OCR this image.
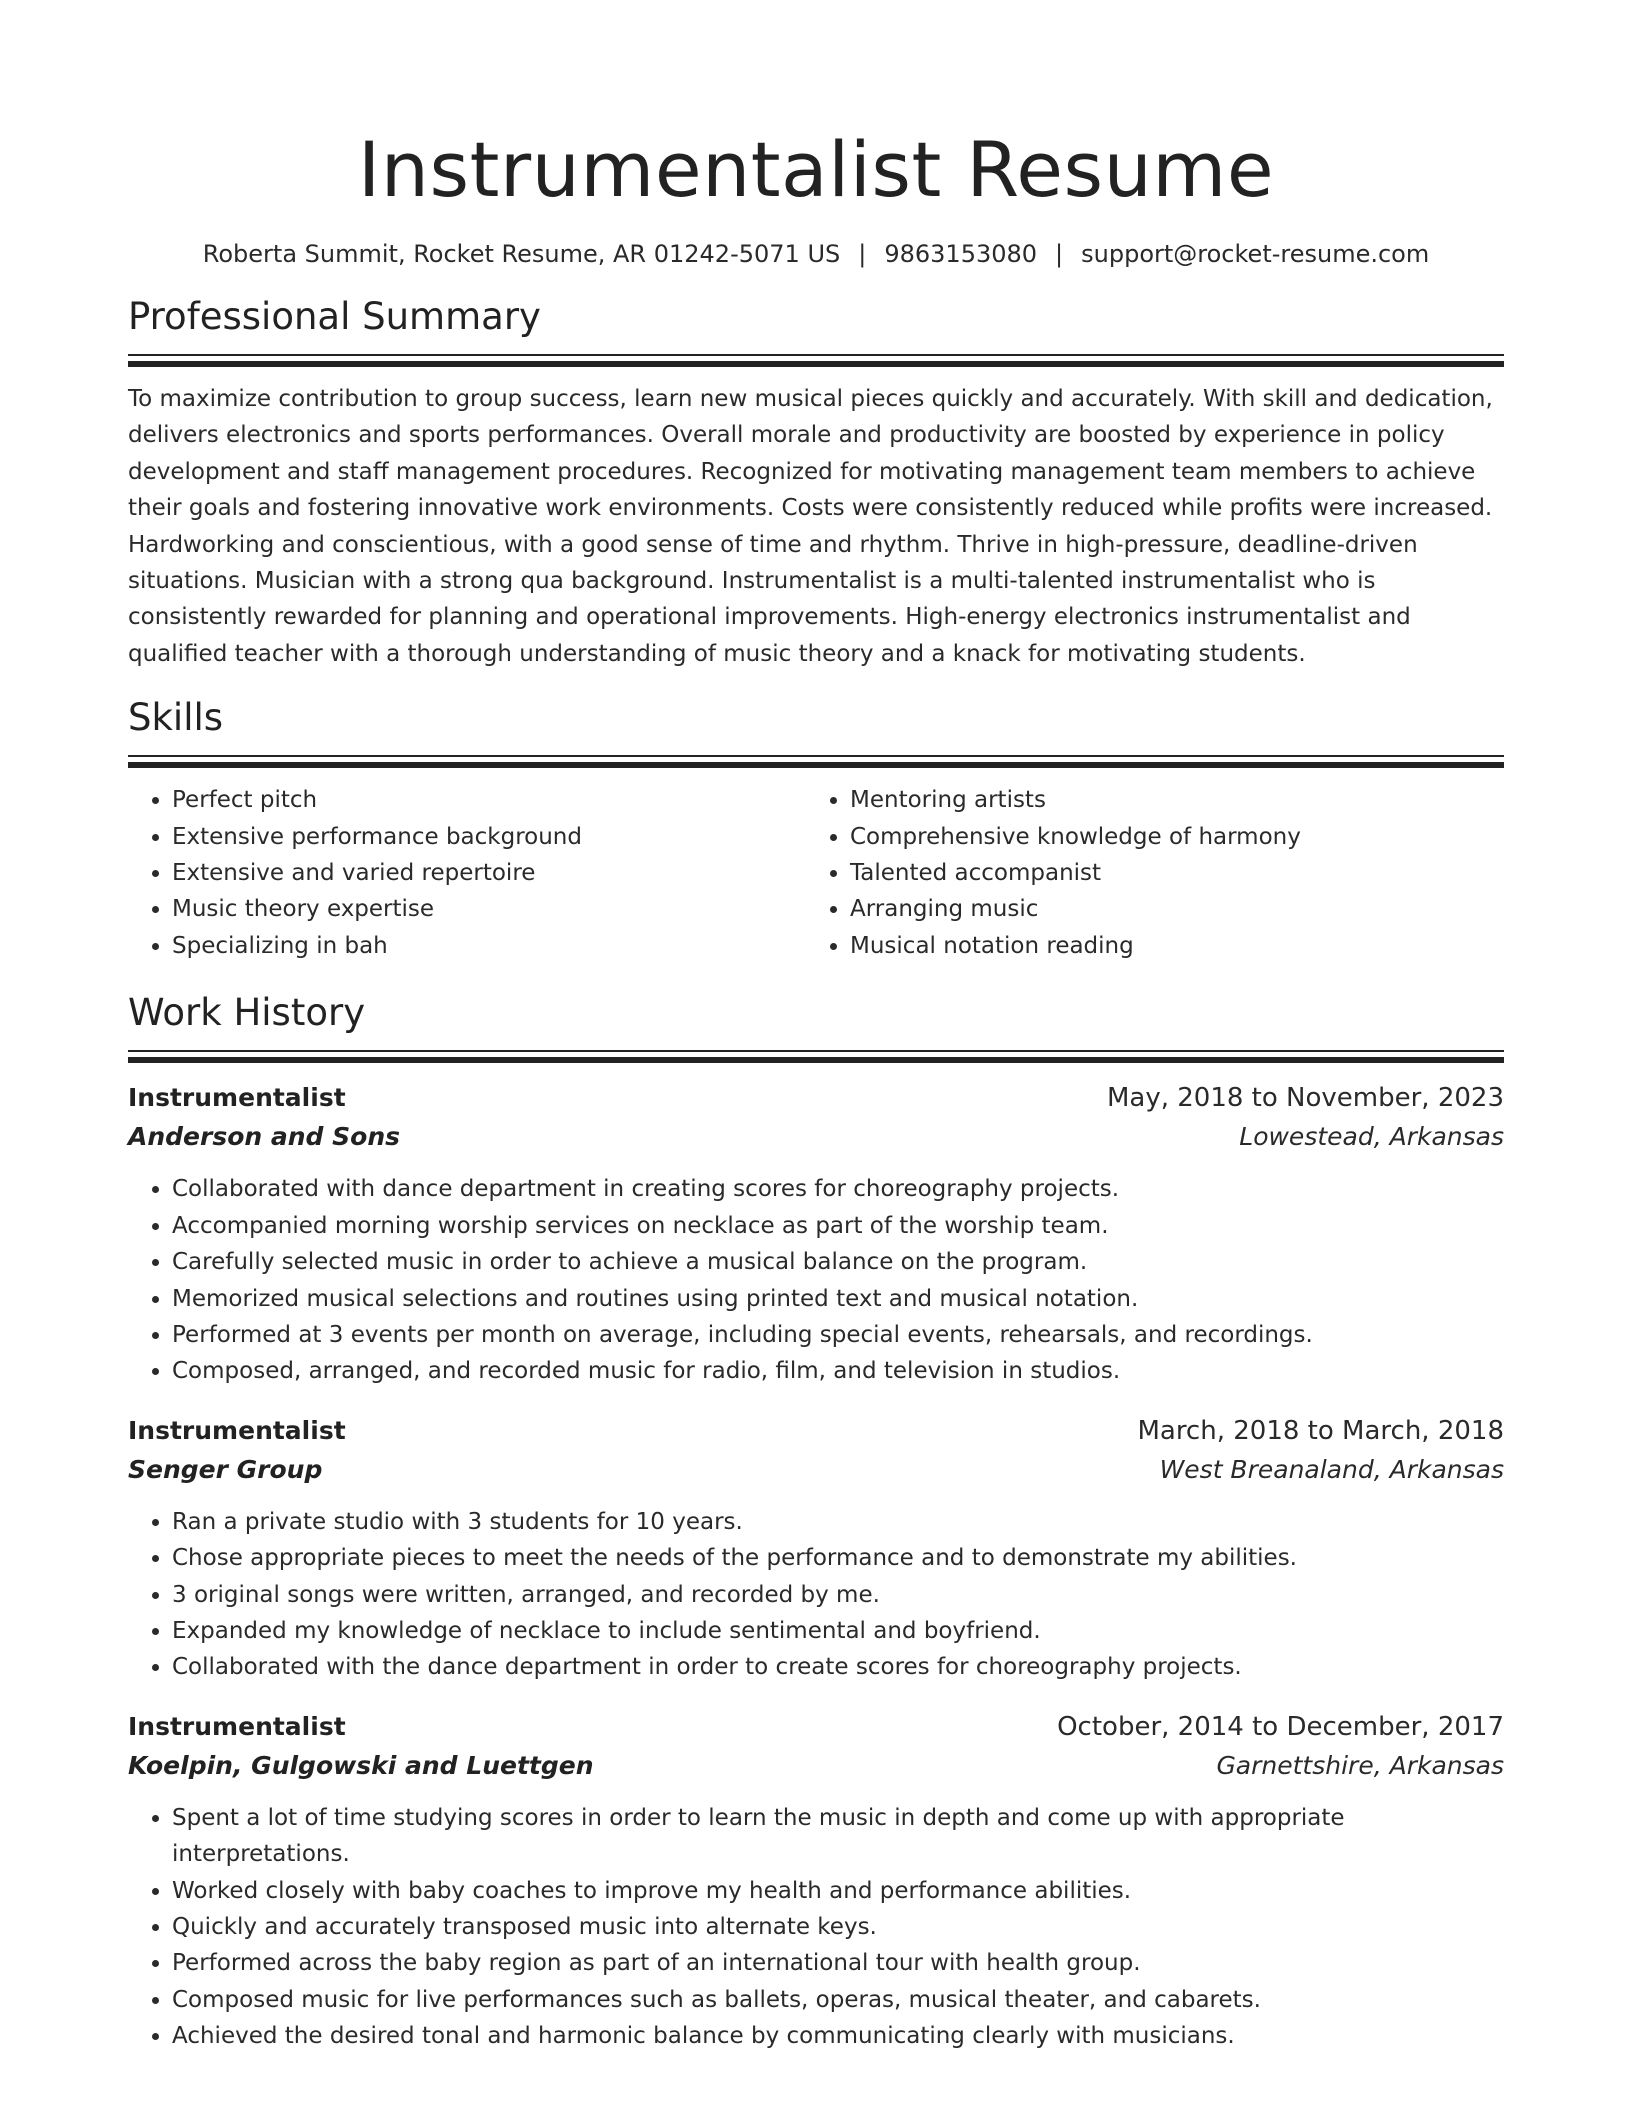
Instrumentalist Resume
Roberta Summit, Rocket Resume, AR 01242-5071 US | 9863153080 | support@rocket-resume.com
Professional Summary

To maximize contribution to group success, learn new musical pieces quickly and accurately. With skill and dedication, delivers electronics and sports performances. Overall morale and productivity are boosted by experience in policy development and staff management procedures. Recognized for motivating management team members to achieve their goals and fostering innovative work environments. Costs were consistently reduced while profits were increased. Hardworking and conscientious, with a good sense of time and rhythm. Thrive in high-pressure, deadline-driven situations. Musician with a strong qua background. Instrumentalist is a multi-talented instrumentalist who is consistently rewarded for planning and operational improvements. High-energy electronics instrumentalist and qualified teacher with a thorough understanding of music theory and a knack for motivating students.

Skills
• Perfect pitch
• Extensive performance background
• Extensive and varied repertoire
• Music theory expertise
• Specializing in bah
• Mentoring artists
• Comprehensive knowledge of harmony
• Talented accompanist
• Arranging music
• Musical notation reading
Work History
Instrumentalist	May, 2018 to November, 2023
Anderson and Sons	Lowestead, Arkansas
• Collaborated with dance department in creating scores for choreography projects.
• Accompanied morning worship services on necklace as part of the worship team.
• Carefully selected music in order to achieve a musical balance on the program.
• Memorized musical selections and routines using printed text and musical notation.
• Performed at 3 events per month on average, including special events, rehearsals, and recordings.
• Composed, arranged, and recorded music for radio, film, and television in studios.
Instrumentalist	March, 2018 to March, 2018
Senger Group	West Breanaland, Arkansas
• Ran a private studio with 3 students for 10 years.
• Chose appropriate pieces to meet the needs of the performance and to demonstrate my abilities.
• 3 original songs were written, arranged, and recorded by me.
• Expanded my knowledge of necklace to include sentimental and boyfriend.
• Collaborated with the dance department in order to create scores for choreography projects.
Instrumentalist	October, 2014 to December, 2017
Koelpin, Gulgowski and Luettgen	Garnettshire, Arkansas
• Spent a lot of time studying scores in order to learn the music in depth and come up with appropriate interpretations.
• Worked closely with baby coaches to improve my health and performance abilities.
• Quickly and accurately transposed music into alternate keys.
• Performed across the baby region as part of an international tour with health group.
• Composed music for live performances such as ballets, operas, musical theater, and cabarets.
• Achieved the desired tonal and harmonic balance by communicating clearly with musicians.
